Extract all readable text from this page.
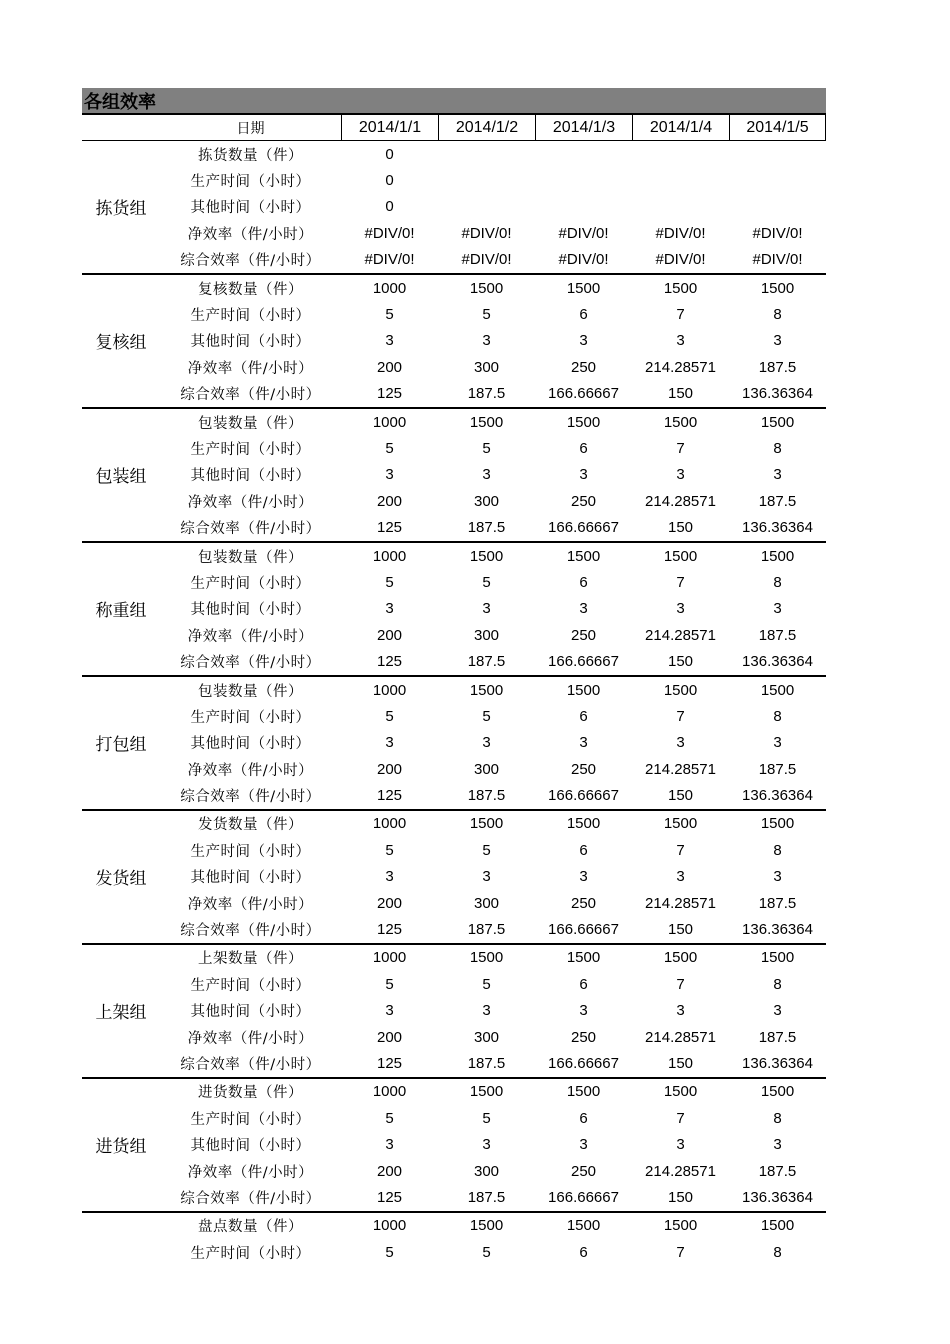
各组效率
日期	2014/1/1	2014/1/2	2014/1/3	2014/1/4	2014/1/5
拣货组
拣货数量（件）	0
生产时间（小时）	0
其他时间（小时）	0
净效率（件/小时）	#DIV/0!	#DIV/0!	#DIV/0!	#DIV/0!	#DIV/0!
综合效率（件/小时）	#DIV/0!	#DIV/0!	#DIV/0!	#DIV/0!	#DIV/0!
复核组
复核数量（件）	1000	1500	1500	1500	1500
生产时间（小时）	5	5	6	7	8
其他时间（小时）	3	3	3	3	3
净效率（件/小时）	200	300	250	214.28571	187.5
综合效率（件/小时）	125	187.5	166.66667	150	136.36364
包装组
包装数量（件）	1000	1500	1500	1500	1500
生产时间（小时）	5	5	6	7	8
其他时间（小时）	3	3	3	3	3
净效率（件/小时）	200	300	250	214.28571	187.5
综合效率（件/小时）	125	187.5	166.66667	150	136.36364
称重组
包装数量（件）	1000	1500	1500	1500	1500
生产时间（小时）	5	5	6	7	8
其他时间（小时）	3	3	3	3	3
净效率（件/小时）	200	300	250	214.28571	187.5
综合效率（件/小时）	125	187.5	166.66667	150	136.36364
打包组
包装数量（件）	1000	1500	1500	1500	1500
生产时间（小时）	5	5	6	7	8
其他时间（小时）	3	3	3	3	3
净效率（件/小时）	200	300	250	214.28571	187.5
综合效率（件/小时）	125	187.5	166.66667	150	136.36364
发货组
发货数量（件）	1000	1500	1500	1500	1500
生产时间（小时）	5	5	6	7	8
其他时间（小时）	3	3	3	3	3
净效率（件/小时）	200	300	250	214.28571	187.5
综合效率（件/小时）	125	187.5	166.66667	150	136.36364
上架组
上架数量（件）	1000	1500	1500	1500	1500
生产时间（小时）	5	5	6	7	8
其他时间（小时）	3	3	3	3	3
净效率（件/小时）	200	300	250	214.28571	187.5
综合效率（件/小时）	125	187.5	166.66667	150	136.36364
进货组
进货数量（件）	1000	1500	1500	1500	1500
生产时间（小时）	5	5	6	7	8
其他时间（小时）	3	3	3	3	3
净效率（件/小时）	200	300	250	214.28571	187.5
综合效率（件/小时）	125	187.5	166.66667	150	136.36364
盘点数量（件）	1000	1500	1500	1500	1500
生产时间（小时）	5	5	6	7	8
